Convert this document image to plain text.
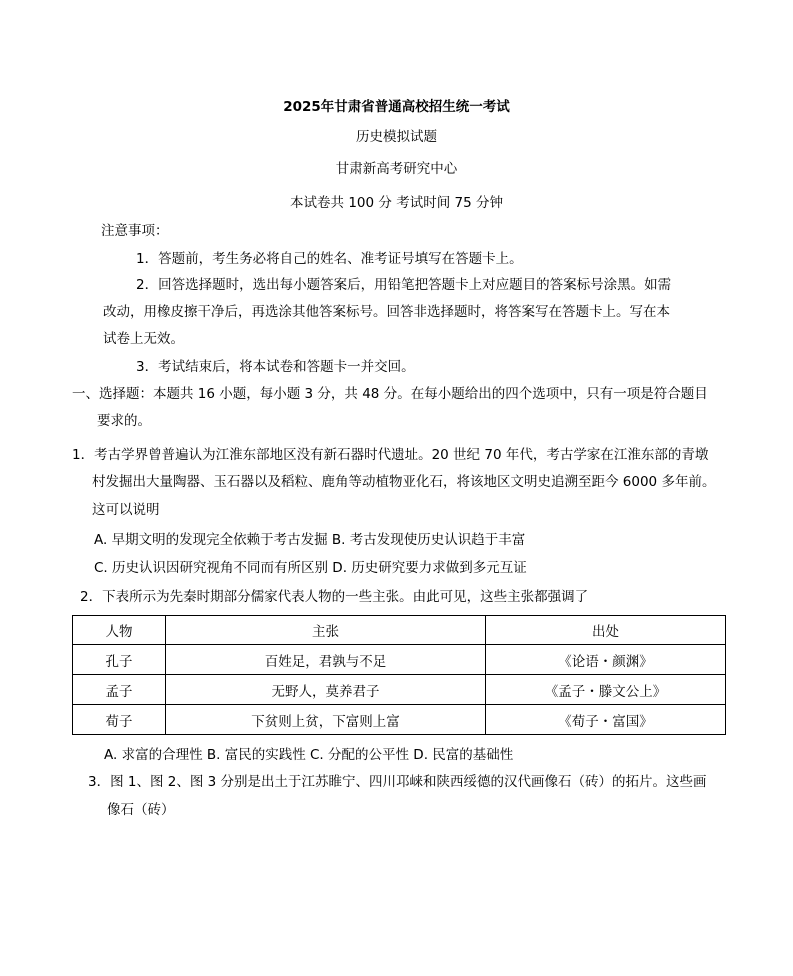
2025年甘肃省普通高校招生统一考试
历史模拟试题
甘肃新高考研究中心
本试卷共 100 分 考试时间 75 分钟
注意事项：
1．答题前，考生务必将自己的姓名、准考证号填写在答题卡上。
2．回答选择题时，选出每小题答案后，用铅笔把答题卡上对应题目的答案标号涂黑。如需
改动，用橡皮擦干净后，再选涂其他答案标号。回答非选择题时，将答案写在答题卡上。写在本
试卷上无效。
3．考试结束后，将本试卷和答题卡一并交回。
一、选择题：本题共 16 小题，每小题 3 分，共 48 分。在每小题给出的四个选项中，只有一项是符合题目
要求的。
1．考古学界曾普遍认为江淮东部地区没有新石器时代遗址。20 世纪 70 年代，考古学家在江淮东部的青墩
村发掘出大量陶器、玉石器以及稻粒、鹿角等动植物亚化石，将该地区文明史追溯至距今 6000 多年前。
这可以说明
A. 早期文明的发现完全依赖于考古发掘 B. 考古发现使历史认识趋于丰富
C. 历史认识因研究视角不同而有所区别 D. 历史研究要力求做到多元互证
2．下表所示为先秦时期部分儒家代表人物的一些主张。由此可见，这些主张都强调了
人物	主张	出处
孔子	百姓足，君孰与不足	《论语・颜渊》
孟子	无野人，莫养君子	《孟子・滕文公上》
荀子	下贫则上贫，下富则上富	《荀子・富国》
A. 求富的合理性 B. 富民的实践性 C. 分配的公平性 D. 民富的基础性
3．图 1、图 2、图 3 分别是出土于江苏睢宁、四川邛崃和陕西绥德的汉代画像石（砖）的拓片。这些画
像石（砖）
